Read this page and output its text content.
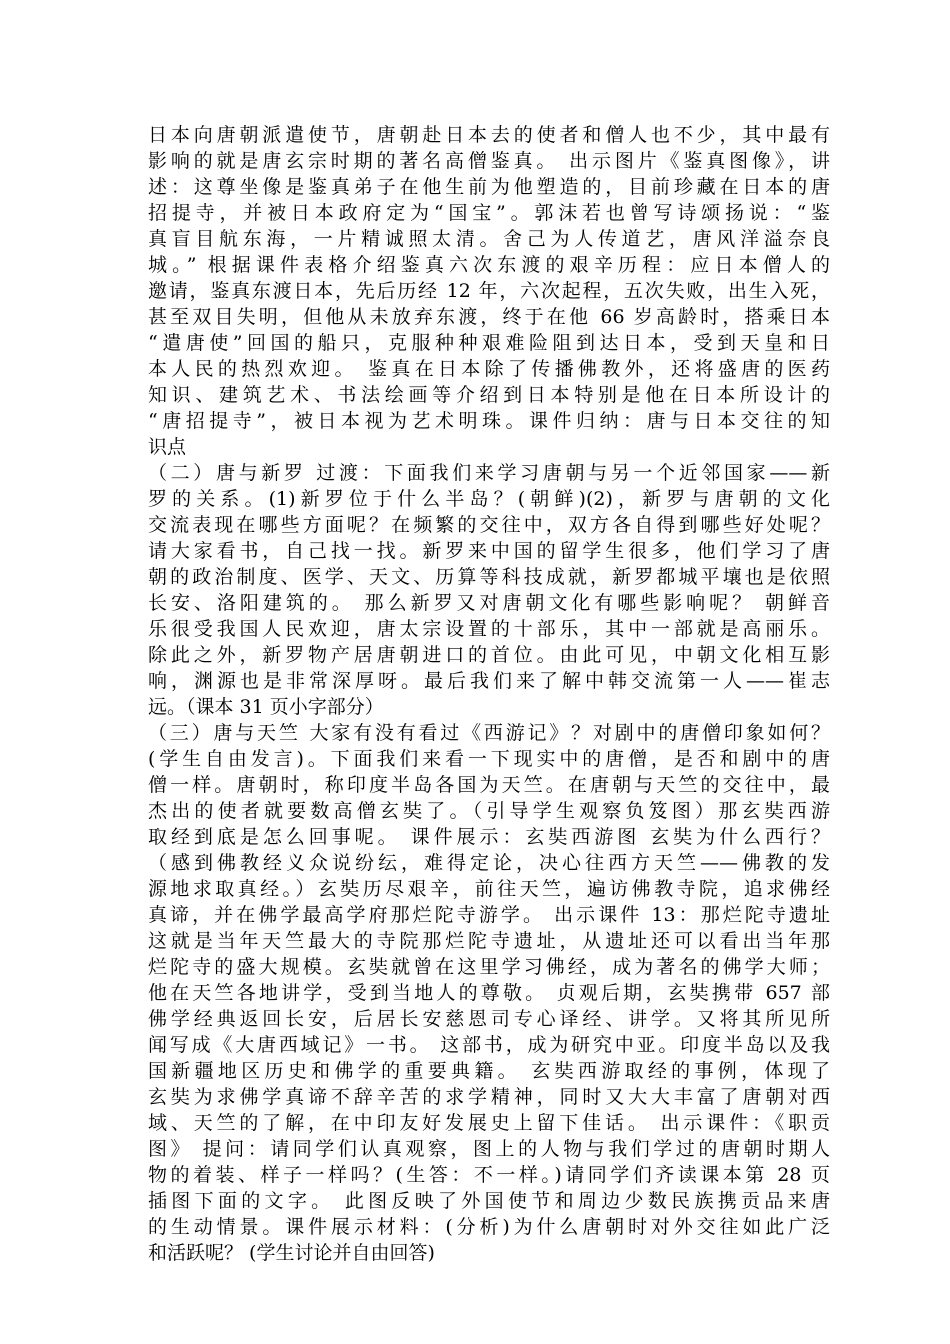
日本向唐朝派遣使节，唐朝赴日本去的使者和僧人也不少，其中最有
影响的就是唐玄宗时期的著名高僧鉴真。 出示图片《鉴真图像》，讲
述：这尊坐像是鉴真弟子在他生前为他塑造的，目前珍藏在日本的唐
招提寺，并被日本政府定为“国宝”。郭沫若也曾写诗颂扬说：“鉴
真盲目航东海，一片精诚照太清。舍己为人传道艺，唐风洋溢奈良
城。” 根据课件表格介绍鉴真六次东渡的艰辛历程：应日本僧人的
邀请，鉴真东渡日本，先后历经 12 年，六次起程，五次失败，出生入死，
甚至双目失明，但他从未放弃东渡，终于在他 66 岁高龄时，搭乘日本
“遣唐使”回国的船只，克服种种艰难险阻到达日本，受到天皇和日
本人民的热烈欢迎。 鉴真在日本除了传播佛教外，还将盛唐的医药
知识、建筑艺术、书法绘画等介绍到日本特别是他在日本所设计的
“唐招提寺”，被日本视为艺术明珠。课件归纳：唐与日本交往的知
识点
（二）唐与新罗 过渡：下面我们来学习唐朝与另一个近邻国家——新
罗的关系。(1)新罗位于什么半岛？(朝鲜)(2)，新罗与唐朝的文化
交流表现在哪些方面呢？在频繁的交往中，双方各自得到哪些好处呢？
请大家看书，自己找一找。新罗来中国的留学生很多，他们学习了唐
朝的政治制度、医学、天文、历算等科技成就，新罗都城平壤也是依照
长安、洛阳建筑的。 那么新罗又对唐朝文化有哪些影响呢？ 朝鲜音
乐很受我国人民欢迎，唐太宗设置的十部乐，其中一部就是高丽乐。
除此之外，新罗物产居唐朝进口的首位。由此可见，中朝文化相互影
响，渊源也是非常深厚呀。最后我们来了解中韩交流第一人——崔志
远。（课本 31 页小字部分）
（三）唐与天竺 大家有没有看过《西游记》？对剧中的唐僧印象如何？
(学生自由发言)。下面我们来看一下现实中的唐僧，是否和剧中的唐
僧一样。唐朝时，称印度半岛各国为天竺。在唐朝与天竺的交往中，最
杰出的使者就要数高僧玄奘了。（引导学生观察负笈图）那玄奘西游
取经到底是怎么回事呢。 课件展示：玄奘西游图 玄奘为什么西行？
（感到佛教经义众说纷纭，难得定论，决心往西方天竺——佛教的发
源地求取真经。）玄奘历尽艰辛，前往天竺，遍访佛教寺院，追求佛经
真谛，并在佛学最高学府那烂陀寺游学。 出示课件 13：那烂陀寺遗址
这就是当年天竺最大的寺院那烂陀寺遗址，从遗址还可以看出当年那
烂陀寺的盛大规模。玄奘就曾在这里学习佛经，成为著名的佛学大师；
他在天竺各地讲学，受到当地人的尊敬。 贞观后期，玄奘携带 657 部
佛学经典返回长安，后居长安慈恩司专心译经、讲学。又将其所见所
闻写成《大唐西域记》一书。 这部书，成为研究中亚。印度半岛以及我
国新疆地区历史和佛学的重要典籍。 玄奘西游取经的事例，体现了
玄奘为求佛学真谛不辞辛苦的求学精神，同时又大大丰富了唐朝对西
域、天竺的了解，在中印友好发展史上留下佳话。 出示课件：《职贡
图》 提问：请同学们认真观察，图上的人物与我们学过的唐朝时期人
物的着装、样子一样吗？(生答：不一样。)请同学们齐读课本第 28 页
插图下面的文字。 此图反映了外国使节和周边少数民族携贡品来唐
的生动情景。课件展示材料：(分析)为什么唐朝时对外交往如此广泛
和活跃呢？ (学生讨论并自由回答)
